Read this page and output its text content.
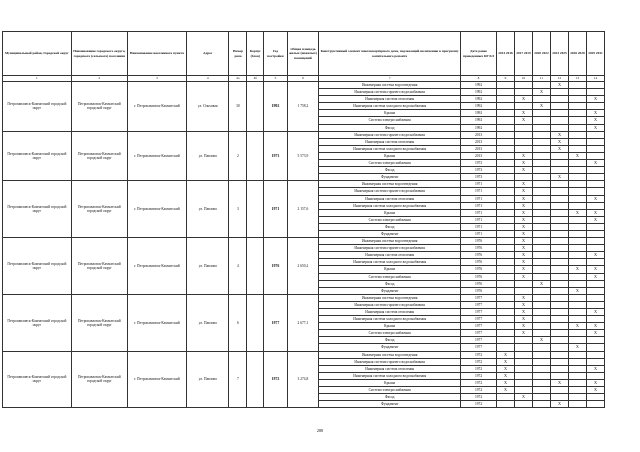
Муниципальный район, Городской округ	Наименование городского округа, городского (сельского) поселения	Наименование населенного пункта	Адрес	Номер дома	Корпус (блок)	Год постройки	Общая площадь жилых (нежилых) помещений	Конструктивный элемент многоквартирного дома, подлежащий включению в программу капитального ремонта	Дата ранее проведенных КР КЭ	2014 2016	2017 2019	2020 2022	2023 2025	2026 2028	2029 2031
1	2	3	4	4а	4б	5	6	7	8	9	10	11	12	13	14
Петропавловск-Камчатский городской округ	Петропавловск-Камчатский городской округ	г. Петропавловск-Камчатский	ул. Ольховая	30		1992	1 758,2	Инженерная система водоотведения	1992				X		
								Инженерная система горячего водоснабжения	1992			X			
								Инженерная система отопления	1992		X				X
								Инженерная система холодного водоснабжения	1992			X			
								Крыша	1992		X				X
								Система электроснабжения	1992		X				X
								Фасад	1992						X
Петропавловск-Камчатский городской округ	Петропавловск-Камчатский городской округ	г. Петропавловск-Камчатский	ул. Павлова	2		1973	5 573,9	Инженерная система горячего водоснабжения	2013				X		
								Инженерная система отопления	2013				X		
								Инженерная система холодного водоснабжения	2013				X		
								Крыша	2013		X			X	
								Система электроснабжения	1973		X				X
								Фасад	1973		X				
								Фундамент	1973				X		
Петропавловск-Камчатский городской округ	Петропавловск-Камчатский городской округ	г. Петропавловск-Камчатский	ул. Павлова	3		1971	2 157,6	Инженерная система водоотведения	1971		X				
								Инженерная система горячего водоснабжения	1971		X				
								Инженерная система отопления	1971		X				X
								Инженерная система холодного водоснабжения	1971		X				
								Крыша	1971		X			X	X
								Система электроснабжения	1971		X				X
								Фасад	1971		X				
								Фундамент	1971		X				
Петропавловск-Камчатский городской округ	Петропавловск-Камчатский городской округ	г. Петропавловск-Камчатский	ул. Павлова	4		1976	2 650,2	Инженерная система водоотведения	1976		X				
								Инженерная система горячего водоснабжения	1976		X				
								Инженерная система отопления	1976		X				X
								Инженерная система холодного водоснабжения	1976		X				
								Крыша	1976		X			X	X
								Система электроснабжения	1976		X				X
								Фасад	1976			X			
								Фундамент	1976					X	
Петропавловск-Камчатский городской округ	Петропавловск-Камчатский городской округ	г. Петропавловск-Камчатский	ул. Павлова	6		1977	2 677,1	Инженерная система водоотведения	1977		X				
								Инженерная система горячего водоснабжения	1977		X				
								Инженерная система отопления	1977		X				X
								Инженерная система холодного водоснабжения	1977		X				
								Крыша	1977		X			X	X
								Система электроснабжения	1977		X				X
								Фасад	1977			X			
								Фундамент	1977					X	
Петропавловск-Камчатский городской округ	Петропавловск-Камчатский городской округ	г. Петропавловск-Камчатский	ул. Павлова	7		1972	3 274,8	Инженерная система водоотведения	1972	X					
								Инженерная система горячего водоснабжения	1972	X					
								Инженерная система отопления	1972	X					X
								Инженерная система холодного водоснабжения	1972	X					
								Крыша	1972	X			X		X
								Система электроснабжения	1972	X					X
								Фасад	1972		X				
								Фундамент	1972				X		
288
